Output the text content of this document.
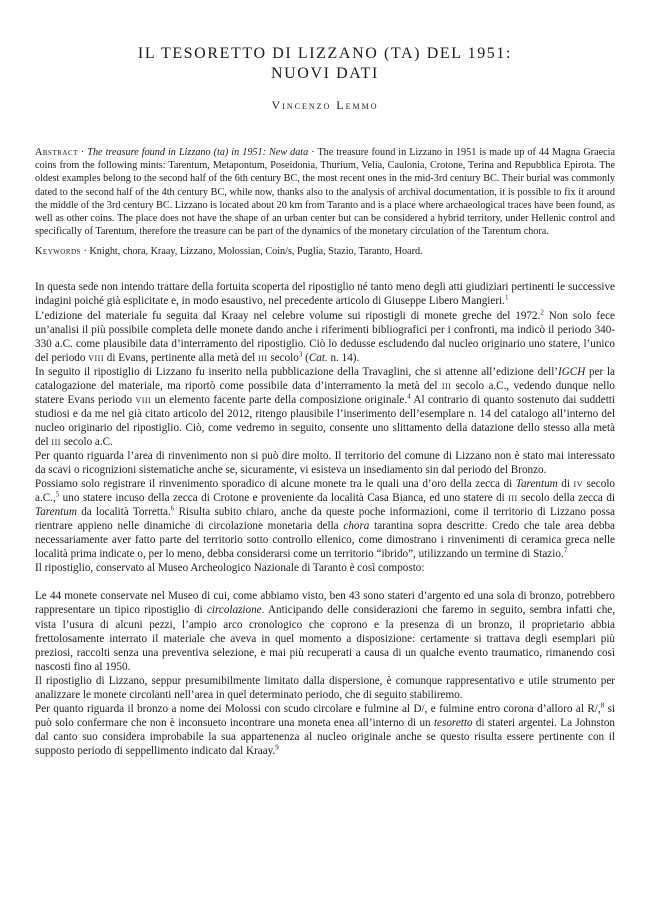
IL TESORETTO DI LIZZANO (TA) DEL 1951:
NUOVI DATI
Vincenzo Lemmo
Abstract · The treasure found in Lizzano (ta) in 1951: New data · The treasure found in Lizzano in 1951 is made up of 44 Magna Graecia coins from the following mints: Tarentum, Metapontum, Poseidonia, Thurium, Velia, Caulonia, Crotone, Terina and Repubblica Epirota. The oldest examples belong to the second half of the 6th century BC, the most recent ones in the mid-3rd century BC. Their burial was commonly dated to the second half of the 4th century BC, while now, thanks also to the analysis of archival documentation, it is possible to fix it around the middle of the 3rd century BC. Lizzano is located about 20 km from Taranto and is a place where archaeological traces have been found, as well as other coins. The place does not have the shape of an urban center but can be considered a hybrid territory, under Hellenic control and specifically of Tarentum, therefore the treasure can be part of the dynamics of the monetary circulation of the Tarentum chora.
Keywords · Knight, chora, Kraay, Lizzano, Molossian, Coin/s, Puglia, Stazio, Taranto, Hoard.

In questa sede non intendo trattare della fortuita scoperta del ripostiglio né tanto meno degli atti giudiziari pertinenti le successive indagini poiché già esplicitate e, in modo esaustivo, nel precedente articolo di Giuseppe Libero Mangieri.$^1$

L’edizione del materiale fu seguita dal Kraay nel celebre volume sui ripostigli di monete greche del 1972.$^2$ Non solo fece un’analisi il più possibile completa delle monete dando anche i riferimenti bibliografici per i confronti, ma indicò il periodo 340-330 a.C. come plausibile data d’interramento del ripostiglio. Ciò lo dedusse escludendo dal nucleo originario uno statere, l’unico del periodo viii di Evans, pertinente alla metà del iii secolo$^3$ (Cat. n. 14).

In seguito il ripostiglio di Lizzano fu inserito nella pubblicazione della Travaglini, che si attenne all’edizione dell’IGCH per la catalogazione del materiale, ma riportò come possibile data d’interramento la metà del iii secolo a.C., vedendo dunque nello statere Evans periodo viii un elemento facente parte della composizione originale.$^4$ Al contrario di quanto sostenuto dai suddetti studiosi e da me nel già citato articolo del 2012, ritengo plausibile l’inserimento dell’esemplare n. 14 del catalogo all’interno del nucleo originario del ripostiglio. Ciò, come vedremo in seguito, consente uno slittamento della datazione dello stesso alla metà del iii secolo a.C.

Per quanto riguarda l’area di rinvenimento non si può dire molto. Il territorio del comune di Lizzano non è stato mai interessato da scavi o ricognizioni sistematiche anche se, sicuramente, vi esisteva un insediamento sin dal periodo del Bronzo.

Possiamo solo registrare il rinvenimento sporadico di alcune monete tra le quali una d’oro della zecca di Tarentum di iv secolo a.C.,$^5$ uno statere incuso della zecca di Crotone e proveniente da località Casa Bianca, ed uno statere di iii secolo della zecca di Tarentum da località Torretta.$^6$ Risulta subito chiaro, anche da queste poche informazioni, come il territorio di Lizzano possa rientrare appieno nelle dinamiche di circolazione monetaria della chora tarantina sopra descritte. Credo che tale area debba necessariamente aver fatto parte del territorio sotto controllo ellenico, come dimostrano i rinvenimenti di ceramica greca nelle località prima indicate o, per lo meno, debba considerarsi come un territorio “ibrido”, utilizzando un termine di Stazio.$^7$

Il ripostiglio, conservato al Museo Archeologico Nazionale di Taranto è così composto:

Le 44 monete conservate nel Museo di cui, come abbiamo visto, ben 43 sono stateri d’argento ed una sola di bronzo, potrebbero rappresentare un tipico ripostiglio di circolazione. Anticipando delle considerazioni che faremo in seguito, sembra infatti che, vista l’usura di alcuni pezzi, l’ampio arco cronologico che coprono e la presenza di un bronzo, il proprietario abbia frettolosamente interrato il materiale che aveva in quel momento a disposizione: certamente si trattava degli esemplari più preziosi, raccolti senza una preventiva selezione, e mai più recuperati a causa di un qualche evento traumatico, rimanendo così nascosti fino al 1950.

Il ripostiglio di Lizzano, seppur presumibilmente limitato dalla dispersione, è comunque rappresentativo e utile strumento per analizzare le monete circolanti nell’area in quel determinato periodo, che di seguito stabiliremo.

Per quanto riguarda il bronzo a nome dei Molossi con scudo circolare e fulmine al D/, e fulmine entro corona d’alloro al R/,$^8$ si può solo confermare che non è inconsueto incontrare una moneta enea all’interno di un tesoretto di stateri argentei. La Johnston dal canto suo considera improbabile la sua appartenenza al nucleo originale anche se questo risulta essere pertinente con il supposto periodo di seppellimento indicato dal Kraay.$^9$
